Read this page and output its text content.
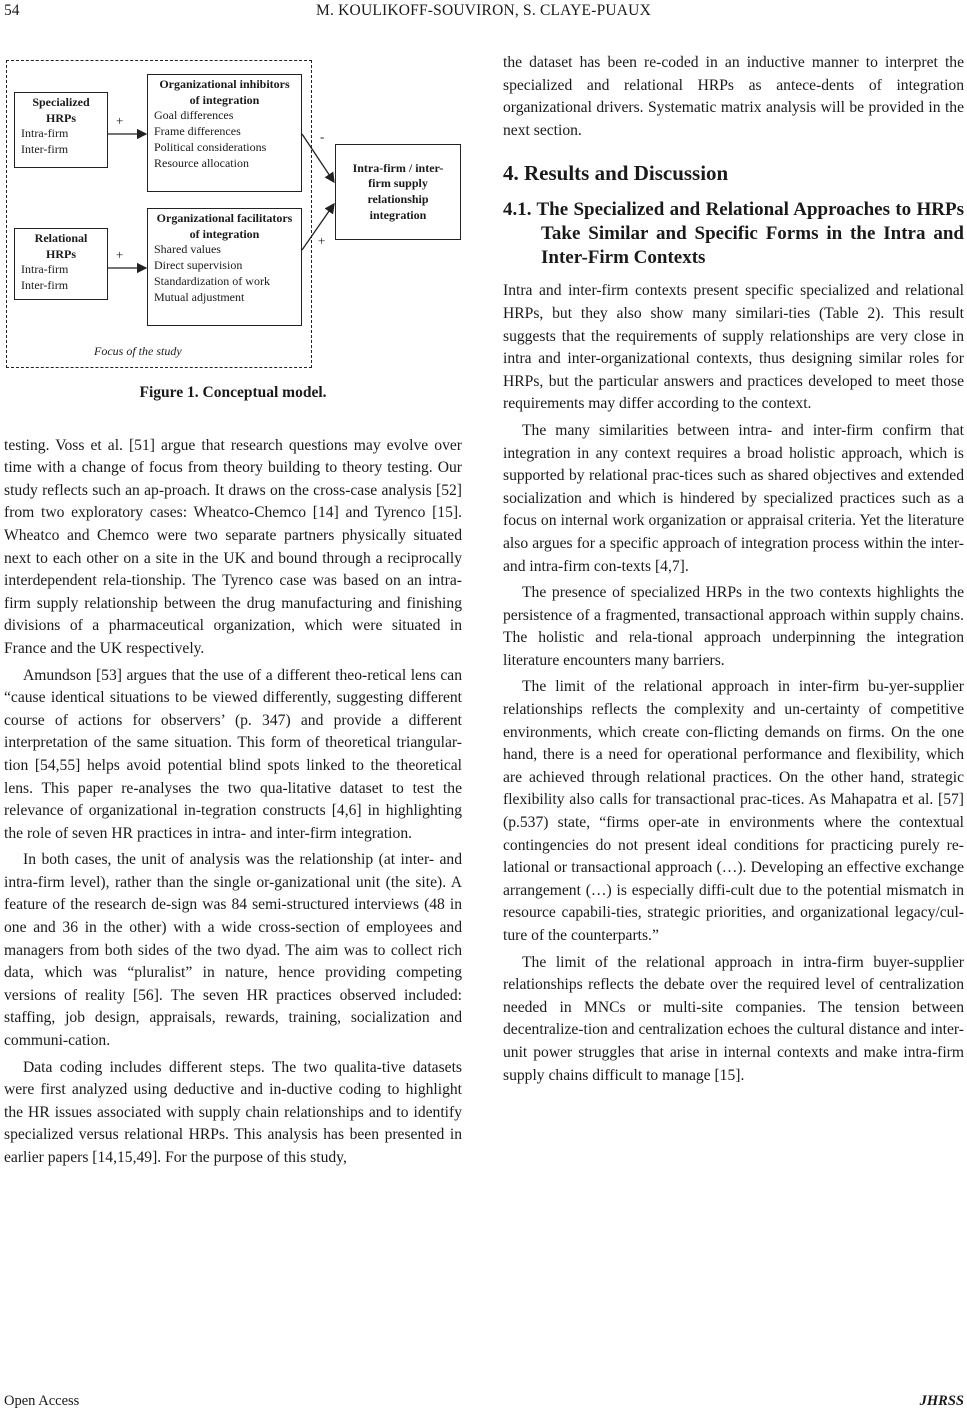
54	M. KOULIKOFF-SOUVIRON, S. CLAYE-PUAUX
Specialized HRPs
Intra-firm
Inter-firm
Relational HRPs
Intra-firm
Inter-firm
Organizational inhibitors of integration
Goal differences
Frame differences
Political considerations
Resource allocation
Organizational facilitators of integration
Shared values
Direct supervision
Standardization of work
Mutual adjustment
Intra-firm / inter-firm supply relationship integration
+
+
-
+
Focus of the study
Figure 1. Conceptual model.

testing. Voss et al. [51] argue that research questions may evolve over time with a change of focus from theory building to theory testing. Our study reflects such an ap-proach. It draws on the cross-case analysis [52] from two exploratory cases: Wheatco-Chemco [14] and Tyrenco [15]. Wheatco and Chemco were two separate partners physically situated next to each other on a site in the UK and bound through a reciprocally interdependent rela-tionship. The Tyrenco case was based on an intra-firm supply relationship between the drug manufacturing and finishing divisions of a pharmaceutical organization, which were situated in France and the UK respectively.

Amundson [53] argues that the use of a different theo-retical lens can “cause identical situations to be viewed differently, suggesting different course of actions for observers’ (p. 347) and provide a different interpretation of the same situation. This form of theoretical triangular-tion [54,55] helps avoid potential blind spots linked to the theoretical lens. This paper re-analyses the two qua-litative dataset to test the relevance of organizational in-tegration constructs [4,6] in highlighting the role of seven HR practices in intra- and inter-firm integration.

In both cases, the unit of analysis was the relationship (at inter- and intra-firm level), rather than the single or-ganizational unit (the site). A feature of the research de-sign was 84 semi-structured interviews (48 in one and 36 in the other) with a wide cross-section of employees and managers from both sides of the two dyad. The aim was to collect rich data, which was “pluralist” in nature, hence providing competing versions of reality [56]. The seven HR practices observed included: staffing, job design, appraisals, rewards, training, socialization and communi-cation.

Data coding includes different steps. The two qualita-tive datasets were first analyzed using deductive and in-ductive coding to highlight the HR issues associated with supply chain relationships and to identify specialized versus relational HRPs. This analysis has been presented in earlier papers [14,15,49]. For the purpose of this study,

the dataset has been re-coded in an inductive manner to interpret the specialized and relational HRPs as antece-dents of integration organizational drivers. Systematic matrix analysis will be provided in the next section.

4. Results and Discussion
4.1. The Specialized and Relational Approaches to HRPs Take Similar and Specific Forms in the Intra and Inter-Firm Contexts

Intra and inter-firm contexts present specific specialized and relational HRPs, but they also show many similari-ties (Table 2). This result suggests that the requirements of supply relationships are very close in intra and inter-organizational contexts, thus designing similar roles for HRPs, but the particular answers and practices developed to meet those requirements may differ according to the context.

The many similarities between intra- and inter-firm confirm that integration in any context requires a broad holistic approach, which is supported by relational prac-tices such as shared objectives and extended socialization and which is hindered by specialized practices such as a focus on internal work organization or appraisal criteria. Yet the literature also argues for a specific approach of integration process within the inter- and intra-firm con-texts [4,7].

The presence of specialized HRPs in the two contexts highlights the persistence of a fragmented, transactional approach within supply chains. The holistic and rela-tional approach underpinning the integration literature encounters many barriers.

The limit of the relational approach in inter-firm bu-yer-supplier relationships reflects the complexity and un-certainty of competitive environments, which create con-flicting demands on firms. On the one hand, there is a need for operational performance and flexibility, which are achieved through relational practices. On the other hand, strategic flexibility also calls for transactional prac-tices. As Mahapatra et al. [57] (p.537) state, “firms oper-ate in environments where the contextual contingencies do not present ideal conditions for practicing purely re-lational or transactional approach (…). Developing an effective exchange arrangement (…) is especially diffi-cult due to the potential mismatch in resource capabili-ties, strategic priorities, and organizational legacy/cul-ture of the counterparts.”

The limit of the relational approach in intra-firm buyer-supplier relationships reflects the debate over the required level of centralization needed in MNCs or multi-site companies. The tension between decentralize-tion and centralization echoes the cultural distance and inter-unit power struggles that arise in internal contexts and make intra-firm supply chains difficult to manage [15].

Open Access	JHRSS
